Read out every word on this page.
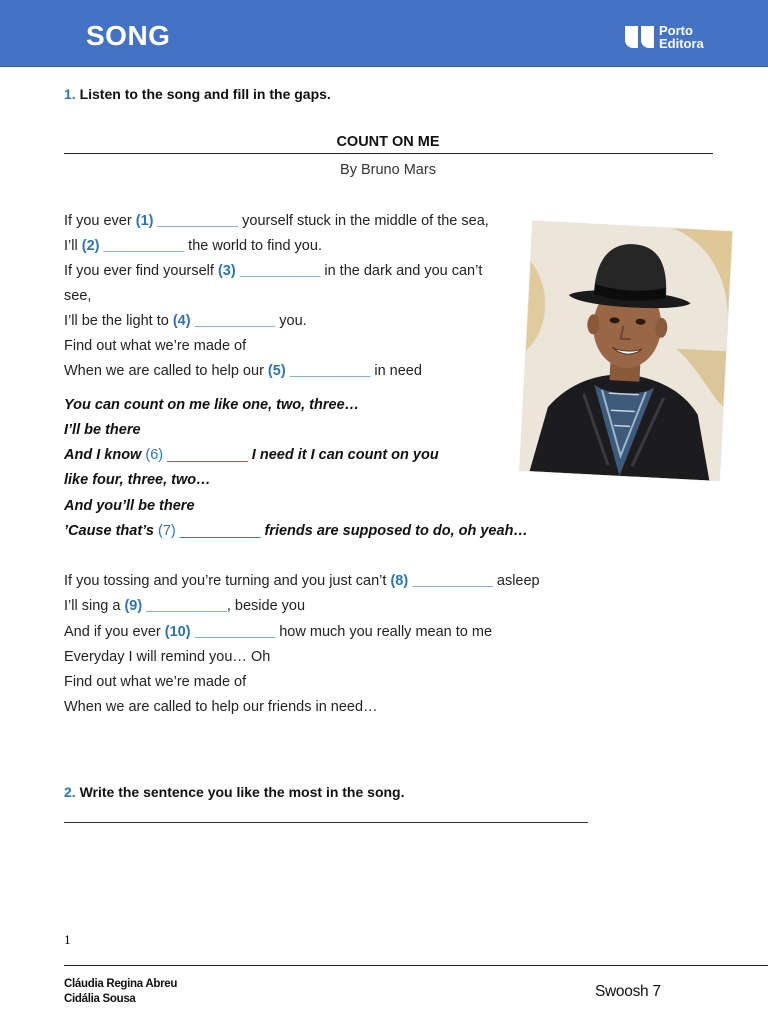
SONG	Porto
Editora
1. Listen to the song and fill in the gaps.
COUNT ON ME
By Bruno Mars
If you ever (1) __________ yourself stuck in the middle of the sea,
I’ll (2) __________ the world to find you.
If you ever find yourself (3) __________ in the dark and you can’t
see,
I’ll be the light to (4) __________ you.
Find out what we’re made of
When we are called to help our (5) __________ in need
You can count on me like one, two, three…
I’ll be there
And I know (6) __________ I need it I can count on you
like four, three, two…
And you’ll be there
’Cause that’s (7) __________ friends are supposed to do, oh yeah…
If you tossing and you’re turning and you just can’t (8) __________ asleep
I’ll sing a (9) __________, beside you
And if you ever (10) __________ how much you really mean to me
Everyday I will remind you… Oh
Find out what we’re made of
When we are called to help our friends in need…
2. Write the sentence you like the most in the song.
1
Cláudia Regina Abreu
Cidália Sousa	Swoosh 7
